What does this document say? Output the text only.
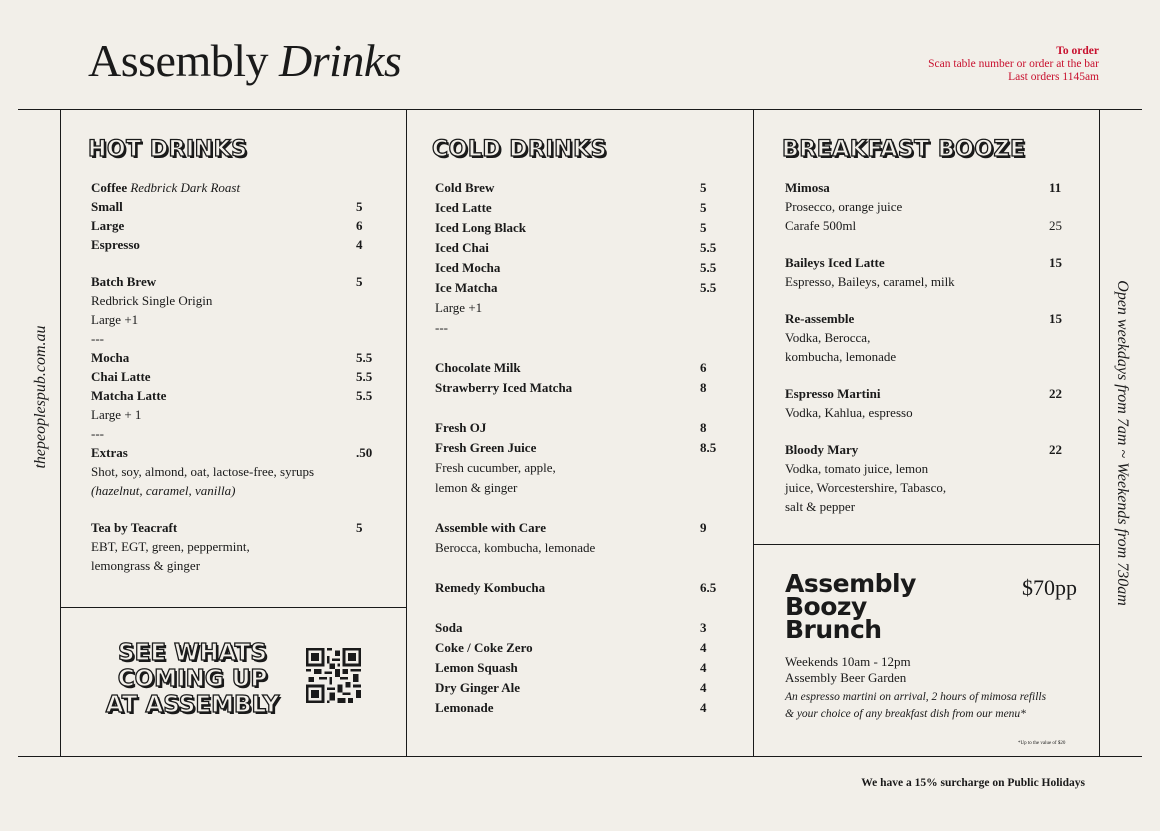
Assembly Drinks	To order
Scan table number or order at the bar
Last orders 1145am
thepeoplespub.com.au	Open weekdays from 7am ~ Weekends from 730am
HOT DRINKS
Coffee Redbrick Dark Roast
Small	5
Large	6
Espresso	4
Batch Brew	5
Redbrick Single Origin
Large +1
---
Mocha	5.5
Chai Latte	5.5
Matcha Latte	5.5
Large + 1
---
Extras	.50
Shot, soy, almond, oat, lactose-free, syrups
(hazelnut, caramel, vanilla)
Tea by Teacraft	5
EBT, EGT, green, peppermint,
lemongrass & ginger
SEE WHATS
COMING UP
AT ASSEMBLY
COLD DRINKS
Cold Brew	5
Iced Latte	5
Iced Long Black	5
Iced Chai	5.5
Iced Mocha	5.5
Ice Matcha	5.5
Large +1
---
Chocolate Milk	6
Strawberry Iced Matcha	8
Fresh OJ	8
Fresh Green Juice	8.5
Fresh cucumber, apple,
lemon & ginger
Assemble with Care	9
Berocca, kombucha, lemonade
Remedy Kombucha	6.5
Soda	3
Coke / Coke Zero	4
Lemon Squash	4
Dry Ginger Ale	4
Lemonade	4
BREAKFAST BOOZE
Mimosa	11
Prosecco, orange juice
Carafe 500ml	25
Baileys Iced Latte	15
Espresso, Baileys, caramel, milk
Re-assemble	15
Vodka, Berocca,
kombucha, lemonade
Espresso Martini	22
Vodka, Kahlua, espresso
Bloody Mary	22
Vodka, tomato juice, lemon
juice, Worcestershire, Tabasco,
salt & pepper
Assembly
Boozy
Brunch
$70pp
Weekends 10am - 12pm
Assembly Beer Garden
An espresso martini on arrival, 2 hours of mimosa refills
& your choice of any breakfast dish from our menu*
*Up to the value of $20
We have a 15% surcharge on Public Holidays
